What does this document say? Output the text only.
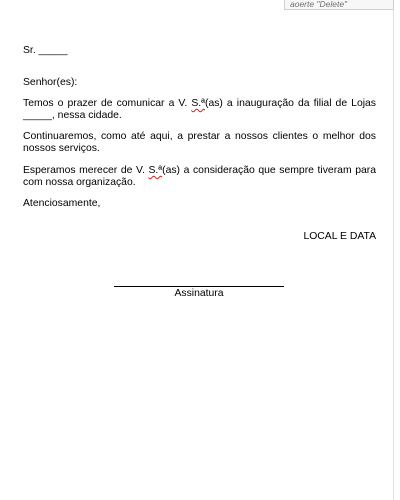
aoerte "Delete"

Sr. _____

Senhor(es):

Temos o prazer de comunicar a V. S.ª(as) a inauguração da filial de Lojas _____, nessa cidade.

Continuaremos, como até aqui, a prestar a nossos clientes o melhor dos nossos serviços.

Esperamos merecer de V. S.ª(as) a consideração que sempre tiveram para com nossa organização.

Atenciosamente,

LOCAL E DATA
Assinatura
